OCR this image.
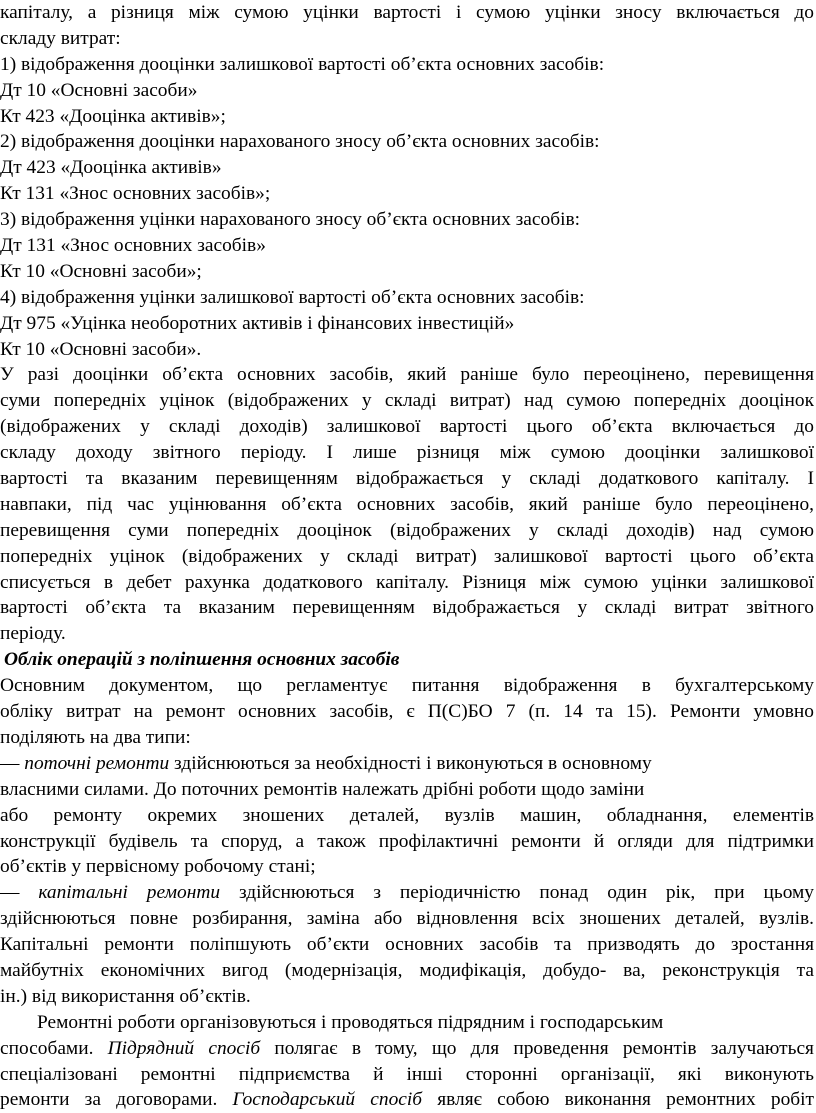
капіталу, а різниця між сумою уцінки вартості і сумою уцінки зносу включається до
складу витрат:
1) відображення дооцінки залишкової вартості об’єкта основних засобів:
Дт 10 «Основні засоби»
Кт 423 «Дооцінка активів»;
2) відображення дооцінки нарахованого зносу об’єкта основних засобів:
Дт 423 «Дооцінка активів»
Кт 131 «Знос основних засобів»;
3) відображення уцінки нарахованого зносу об’єкта основних засобів:
Дт 131 «Знос основних засобів»
Кт 10 «Основні засоби»;
4) відображення уцінки залишкової вартості об’єкта основних засобів:
Дт 975 «Уцінка необоротних активів і фінансових інвестицій»
Кт 10 «Основні засоби».
У разі дооцінки об’єкта основних засобів, який раніше було переоцінено, перевищення
суми попередніх уцінок (відображених у складі витрат) над сумою попередніх дооцінок
(відображених у складі доходів) залишкової вартості цього об’єкта включається до
складу доходу звітного періоду. І лише різниця між сумою дооцінки залишкової
вартості та вказаним перевищенням відображається у складі додаткового капіталу. І
навпаки, під час уцінювання об’єкта основних засобів, який раніше було переоцінено,
перевищення суми попередніх дооцінок (відображених у складі доходів) над сумою
попередніх уцінок (відображених у складі витрат) залишкової вартості цього об’єкта
списується в дебет рахунка додаткового капіталу. Різниця між сумою уцінки залишкової
вартості об’єкта та вказаним перевищенням відображається у складі витрат звітного
періоду.
Облік операцій з поліпшення основних засобів
Основним документом, що регламентує питання відображення в бухгалтерському
обліку витрат на ремонт основних засобів, є П(С)БО 7 (п. 14 та 15). Ремонти умовно
поділяють на два типи:
— поточні ремонти здійснюються за необхідності і виконуються в основному
власними силами. До поточних ремонтів належать дрібні роботи щодо заміни
або ремонту окремих зношених деталей, вузлів машин, обладнання, елементів
конструкції будівель та споруд, а також профілактичні ремонти й огляди для підтримки
об’єктів у первісному робочому стані;
— капітальні ремонти здійснюються з періодичністю понад один рік, при цьому
здійснюються повне розбирання, заміна або відновлення всіх зношених деталей, вузлів.
Капітальні ремонти поліпшують об’єкти основних засобів та призводять до зростання
майбутніх економічних вигод (модернізація, модифікація, добудо- ва, реконструкція та
ін.) від використання об’єктів.
Ремонтні роботи організовуються і проводяться підрядним і господарським
способами. Підрядний спосіб полягає в тому, що для проведення ремонтів залучаються
спеціалізовані ремонтні підприємства й інші сторонні організації, які виконують
ремонти за договорами. Господарський спосіб являє собою виконання ремонтних робіт
